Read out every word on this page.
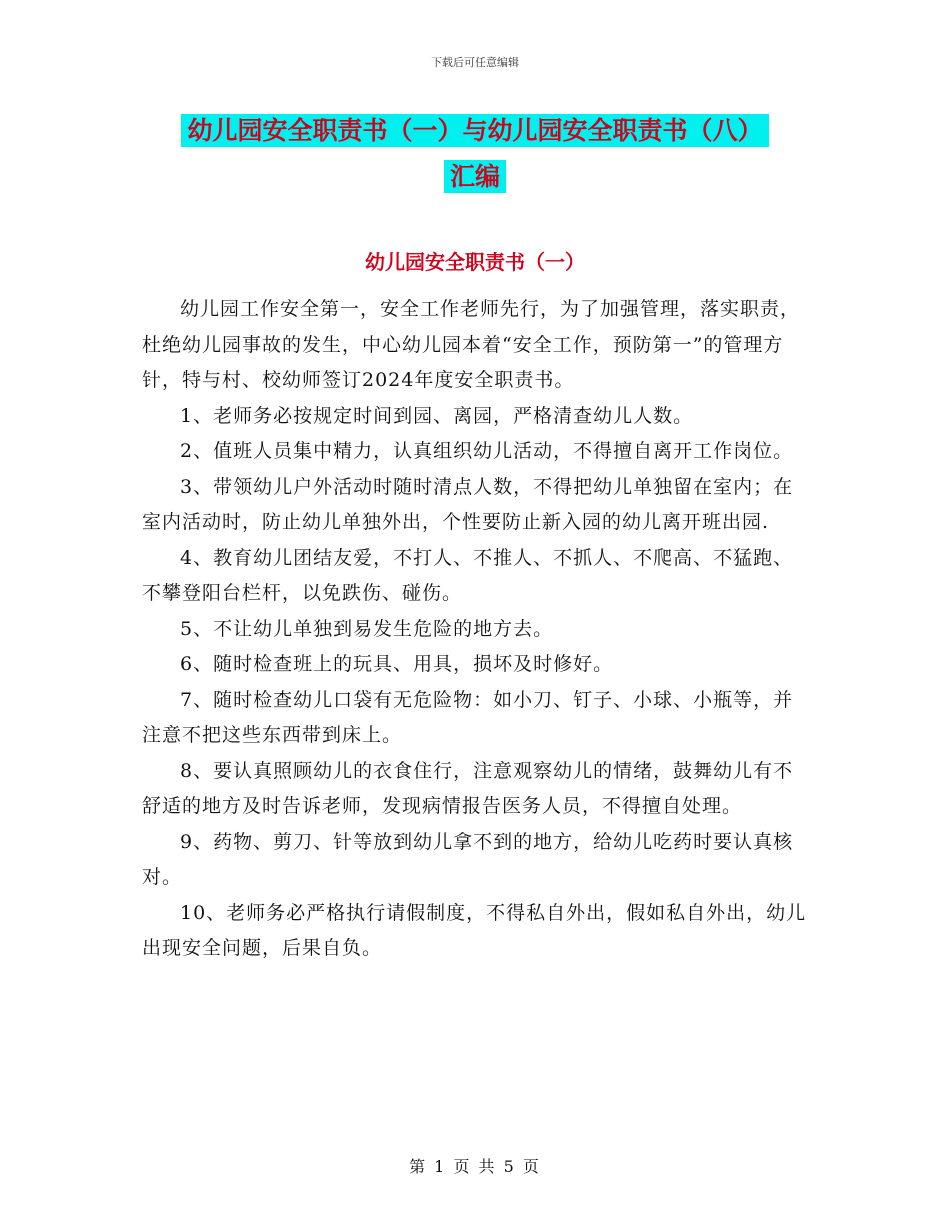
下载后可任意编辑
幼儿园安全职责书（一）与幼儿园安全职责书（八）
汇编
幼儿园安全职责书（一）

幼儿园工作安全第一，安全工作老师先行，为了加强管理，落实职责，杜绝幼儿园事故的发生，中心幼儿园本着“安全工作，预防第一”的管理方针，特与村、校幼师签订2024年度安全职责书。

1、老师务必按规定时间到园、离园，严格清查幼儿人数。

2、值班人员集中精力，认真组织幼儿活动，不得擅自离开工作岗位。

3、带领幼儿户外活动时随时清点人数，不得把幼儿单独留在室内；在室内活动时，防止幼儿单独外出，个性要防止新入园的幼儿离开班出园.

4、教育幼儿团结友爱，不打人、不推人、不抓人、不爬高、不猛跑、不攀登阳台栏杆，以免跌伤、碰伤。

5、不让幼儿单独到易发生危险的地方去。

6、随时检查班上的玩具、用具，损坏及时修好。

7、随时检查幼儿口袋有无危险物：如小刀、钉子、小球、小瓶等，并注意不把这些东西带到床上。

8、要认真照顾幼儿的衣食住行，注意观察幼儿的情绪，鼓舞幼儿有不舒适的地方及时告诉老师，发现病情报告医务人员，不得擅自处理。

9、药物、剪刀、针等放到幼儿拿不到的地方，给幼儿吃药时要认真核对。

10、老师务必严格执行请假制度，不得私自外出，假如私自外出，幼儿出现安全问题，后果自负。

第 1 页 共 5 页
